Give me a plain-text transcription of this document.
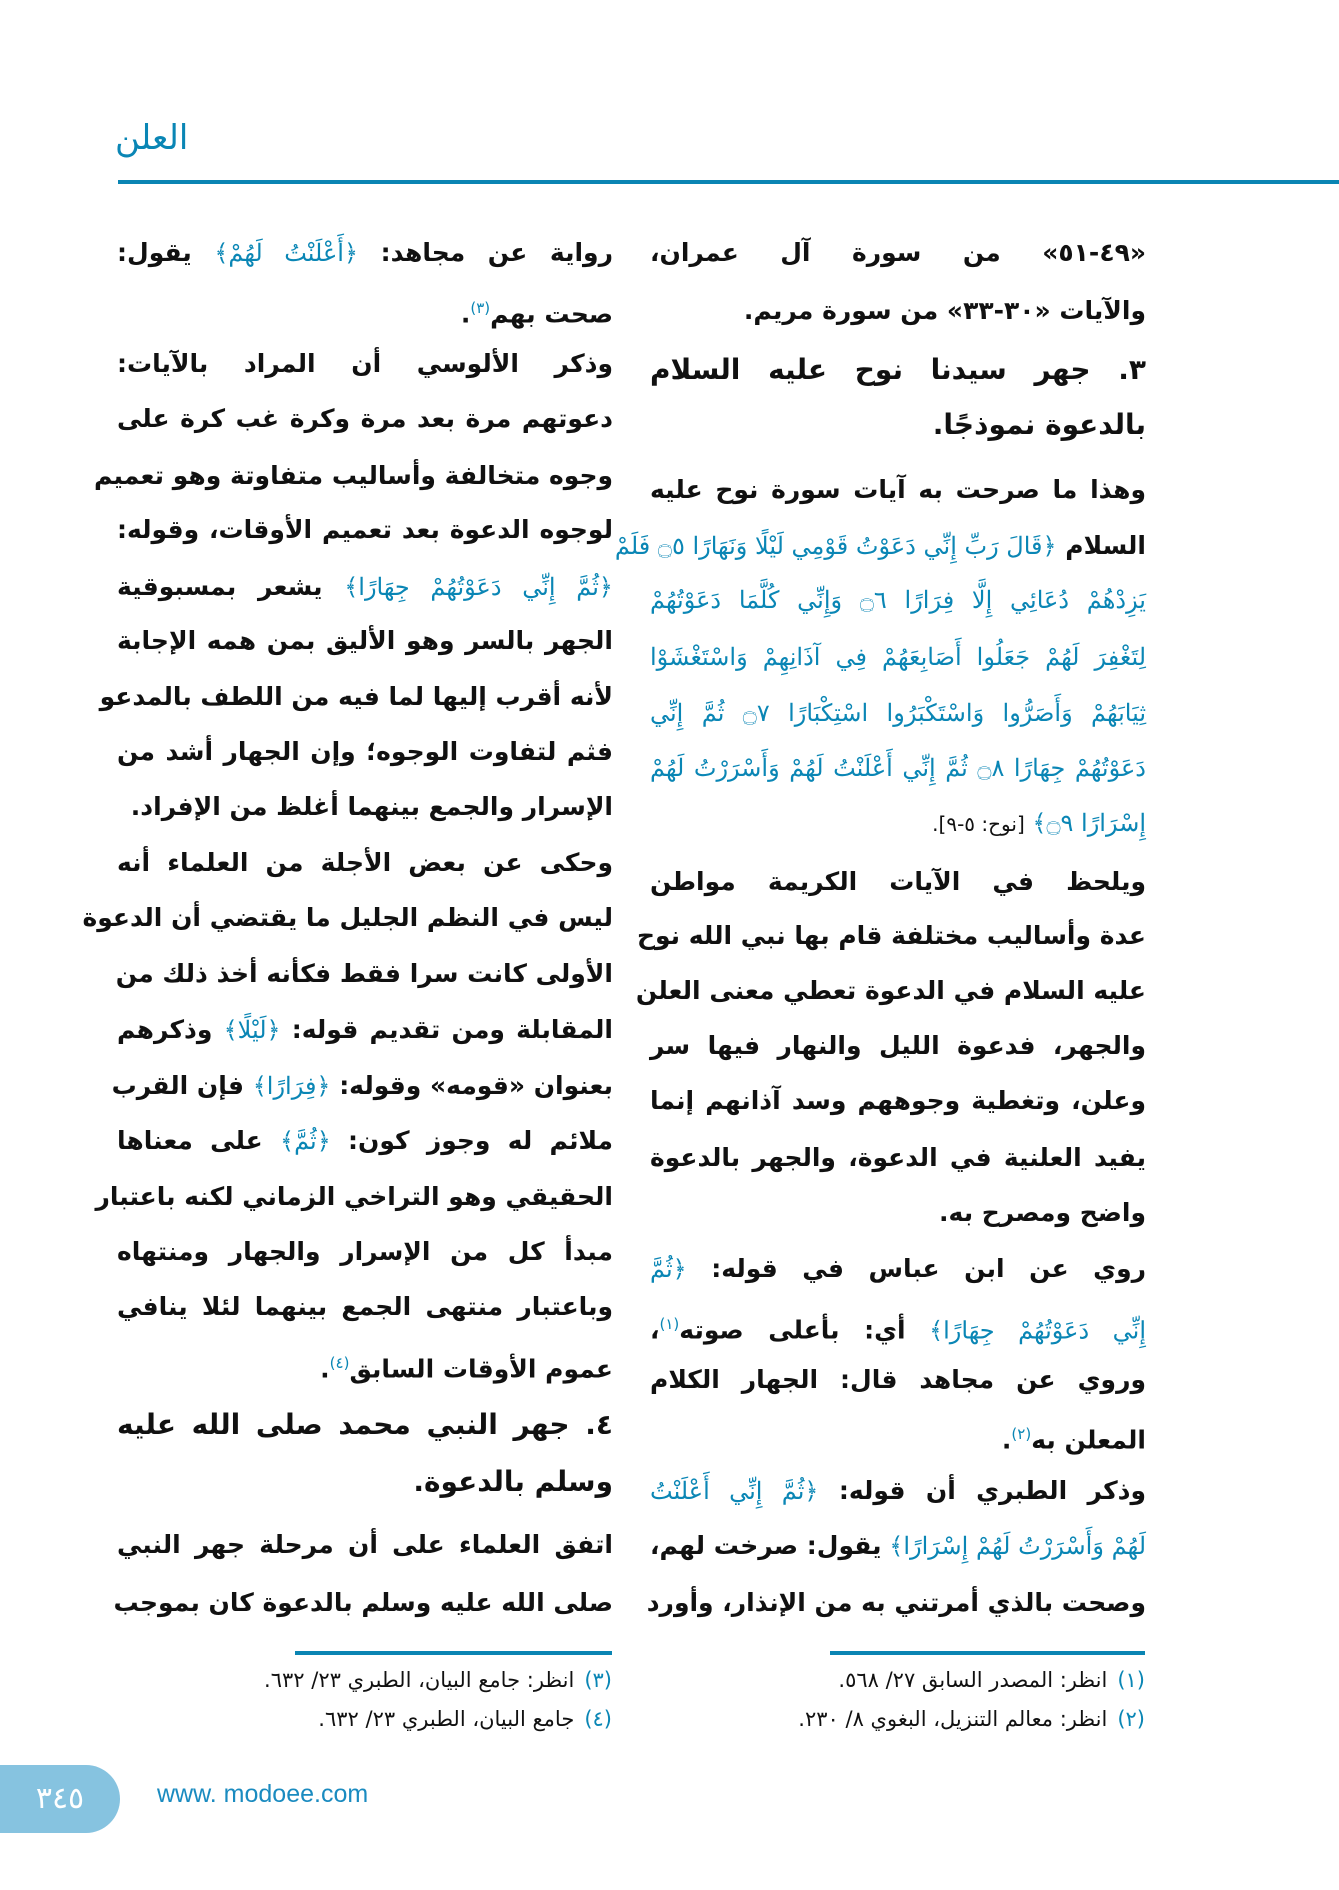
العلن
«٤٩-٥١» من سورة آل عمران،
والآيات «٣٠-٣٣» من سورة مريم.
٣. جهر سيدنا نوح عليه السلام
بالدعوة نموذجًا.
وهذا ما صرحت به آيات سورة نوح عليه
السلام ﴿قَالَ رَبِّ إِنِّي دَعَوْتُ قَوْمِي لَيْلًا وَنَهَارًا ۝٥ فَلَمْ
يَزِدْهُمْ دُعَائِي إِلَّا فِرَارًا ۝٦ وَإِنِّي كُلَّمَا دَعَوْتُهُمْ
لِتَغْفِرَ لَهُمْ جَعَلُوا أَصَابِعَهُمْ فِي آذَانِهِمْ وَاسْتَغْشَوْا
ثِيَابَهُمْ وَأَصَرُّوا وَاسْتَكْبَرُوا اسْتِكْبَارًا ۝٧ ثُمَّ إِنِّي
دَعَوْتُهُمْ جِهَارًا ۝٨ ثُمَّ إِنِّي أَعْلَنْتُ لَهُمْ وَأَسْرَرْتُ لَهُمْ
إِسْرَارًا ۝٩﴾ [نوح: ٥-٩].
ويلحظ في الآيات الكريمة مواطن
عدة وأساليب مختلفة قام بها نبي الله نوح
عليه السلام في الدعوة تعطي معنى العلن
والجهر، فدعوة الليل والنهار فيها سر
وعلن، وتغطية وجوههم وسد آذانهم إنما
يفيد العلنية في الدعوة، والجهر بالدعوة
واضح ومصرح به.
روي عن ابن عباس في قوله: ﴿ثُمَّ
إِنِّي دَعَوْتُهُمْ جِهَارًا﴾ أي: بأعلى صوته$^{(١)}$،
وروي عن مجاهد قال: الجهار الكلام
المعلن به$^{(٢)}$.
وذكر الطبري أن قوله: ﴿ثُمَّ إِنِّي أَعْلَنْتُ
لَهُمْ وَأَسْرَرْتُ لَهُمْ إِسْرَارًا﴾ يقول: صرخت لهم،
وصحت بالذي أمرتني به من الإنذار، وأورد
رواية عن مجاهد: ﴿أَعْلَنْتُ لَهُمْ﴾ يقول:
صحت بهم$^{(٣)}$.
وذكر الألوسي أن المراد بالآيات:
دعوتهم مرة بعد مرة وكرة غب كرة على
وجوه متخالفة وأساليب متفاوتة وهو تعميم
لوجوه الدعوة بعد تعميم الأوقات، وقوله:
﴿ثُمَّ إِنِّي دَعَوْتُهُمْ جِهَارًا﴾ يشعر بمسبوقية
الجهر بالسر وهو الأليق بمن همه الإجابة
لأنه أقرب إليها لما فيه من اللطف بالمدعو
فثم لتفاوت الوجوه؛ وإن الجهار أشد من
الإسرار والجمع بينهما أغلظ من الإفراد.
وحكى عن بعض الأجلة من العلماء أنه
ليس في النظم الجليل ما يقتضي أن الدعوة
الأولى كانت سرا فقط فكأنه أخذ ذلك من
المقابلة ومن تقديم قوله: ﴿لَيْلًا﴾ وذكرهم
بعنوان «قومه» وقوله: ﴿فِرَارًا﴾ فإن القرب
ملائم له وجوز كون: ﴿ثُمَّ﴾ على معناها
الحقيقي وهو التراخي الزماني لكنه باعتبار
مبدأ كل من الإسرار والجهار ومنتهاه
وباعتبار منتهى الجمع بينهما لئلا ينافي
عموم الأوقات السابق$^{(٤)}$.
٤. جهر النبي محمد صلى الله عليه
وسلم بالدعوة.
اتفق العلماء على أن مرحلة جهر النبي
صلى الله عليه وسلم بالدعوة كان بموجب
(١)انظر: المصدر السابق ٢٧/ ٥٦٨.
(٢)انظر: معالم التنزيل، البغوي ٨/ ٢٣٠.
(٣)انظر: جامع البيان، الطبري ٢٣/ ٦٣٢.
(٤)جامع البيان، الطبري ٢٣/ ٦٣٢.
٣٤٥	www. modoee.com
